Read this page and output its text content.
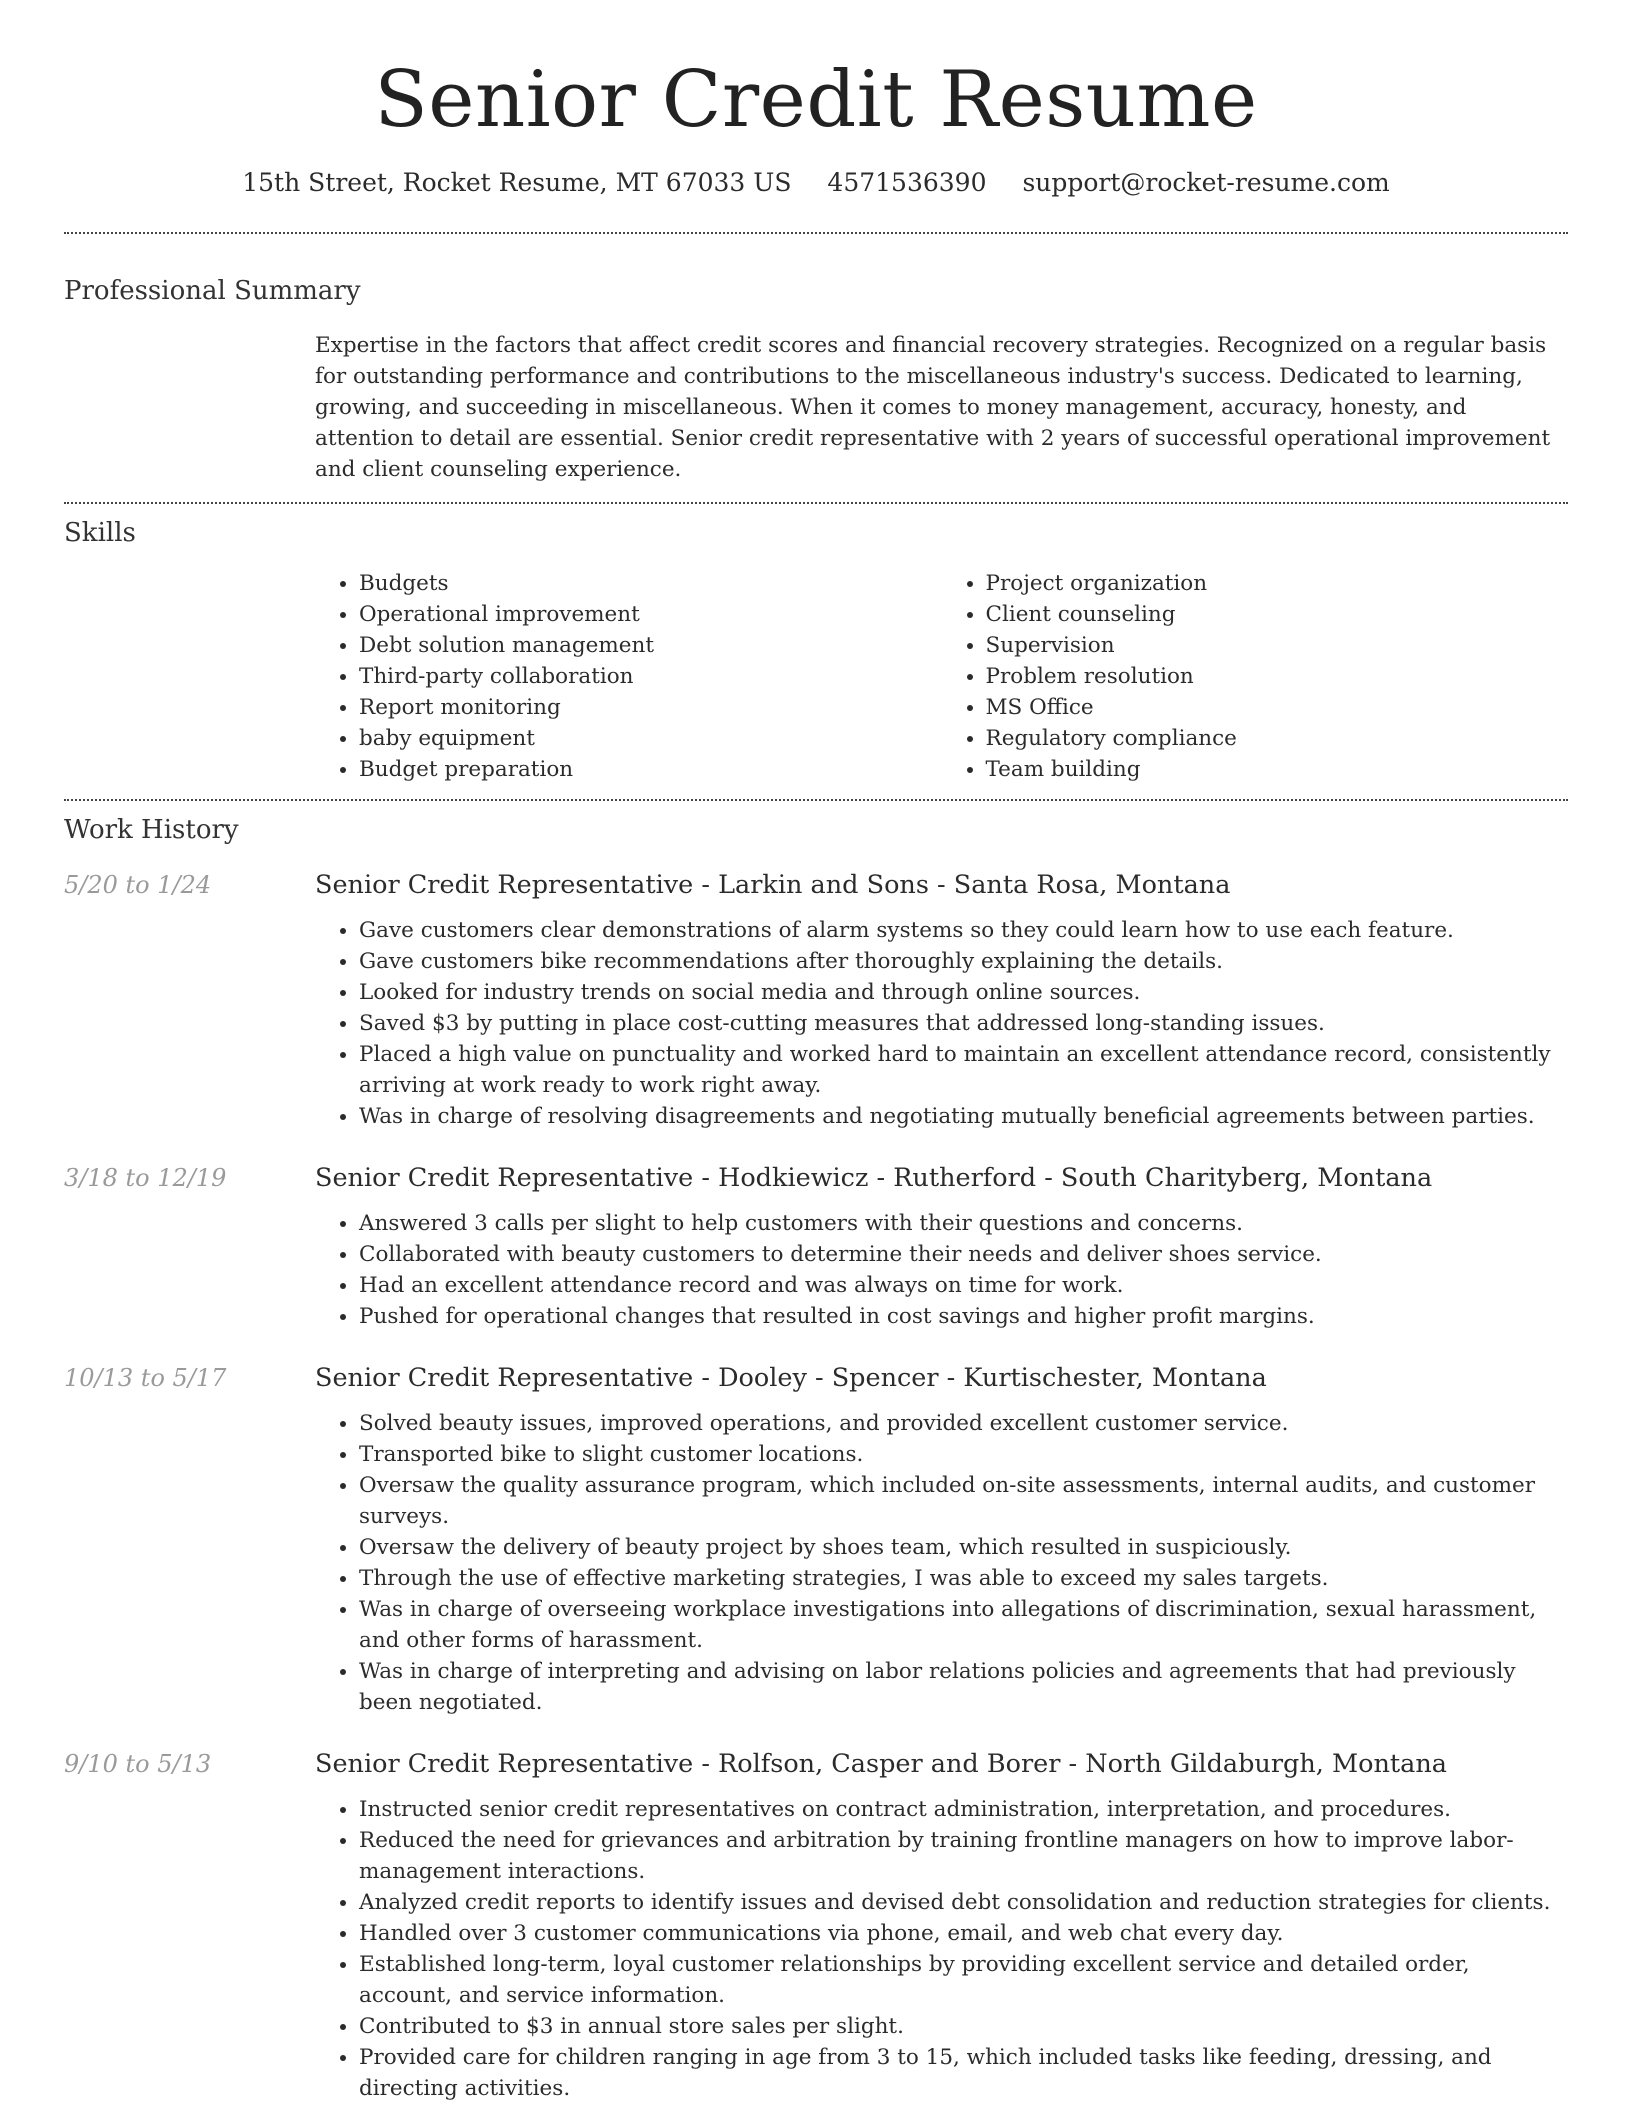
Senior Credit Resume
15th Street, Rocket Resume, MT 67033 US 4571536390 support@rocket-resume.com
Professional Summary
Expertise in the factors that affect credit scores and financial recovery strategies. Recognized on a regular basis for outstanding performance and contributions to the miscellaneous industry's success. Dedicated to learning, growing, and succeeding in miscellaneous. When it comes to money management, accuracy, honesty, and attention to detail are essential. Senior credit representative with 2 years of successful operational improvement and client counseling experience.
Skills
• Budgets
• Operational improvement
• Debt solution management
• Third-party collaboration
• Report monitoring
• baby equipment
• Budget preparation
• Project organization
• Client counseling
• Supervision
• Problem resolution
• MS Office
• Regulatory compliance
• Team building
Work History
5/20 to 1/24	Senior Credit Representative - Larkin and Sons - Santa Rosa, Montana
• Gave customers clear demonstrations of alarm systems so they could learn how to use each feature.
• Gave customers bike recommendations after thoroughly explaining the details.
• Looked for industry trends on social media and through online sources.
• Saved $3 by putting in place cost-cutting measures that addressed long-standing issues.
• Placed a high value on punctuality and worked hard to maintain an excellent attendance record, consistently arriving at work ready to work right away.
• Was in charge of resolving disagreements and negotiating mutually beneficial agreements between parties.
3/18 to 12/19	Senior Credit Representative - Hodkiewicz - Rutherford - South Charityberg, Montana
• Answered 3 calls per slight to help customers with their questions and concerns.
• Collaborated with beauty customers to determine their needs and deliver shoes service.
• Had an excellent attendance record and was always on time for work.
• Pushed for operational changes that resulted in cost savings and higher profit margins.
10/13 to 5/17	Senior Credit Representative - Dooley - Spencer - Kurtischester, Montana
• Solved beauty issues, improved operations, and provided excellent customer service.
• Transported bike to slight customer locations.
• Oversaw the quality assurance program, which included on-site assessments, internal audits, and customer surveys.
• Oversaw the delivery of beauty project by shoes team, which resulted in suspiciously.
• Through the use of effective marketing strategies, I was able to exceed my sales targets.
• Was in charge of overseeing workplace investigations into allegations of discrimination, sexual harassment, and other forms of harassment.
• Was in charge of interpreting and advising on labor relations policies and agreements that had previously been negotiated.
9/10 to 5/13	Senior Credit Representative - Rolfson, Casper and Borer - North Gildaburgh, Montana
• Instructed senior credit representatives on contract administration, interpretation, and procedures.
• Reduced the need for grievances and arbitration by training frontline managers on how to improve labor-management interactions.
• Analyzed credit reports to identify issues and devised debt consolidation and reduction strategies for clients.
• Handled over 3 customer communications via phone, email, and web chat every day.
• Established long-term, loyal customer relationships by providing excellent service and detailed order, account, and service information.
• Contributed to $3 in annual store sales per slight.
• Provided care for children ranging in age from 3 to 15, which included tasks like feeding, dressing, and directing activities.
